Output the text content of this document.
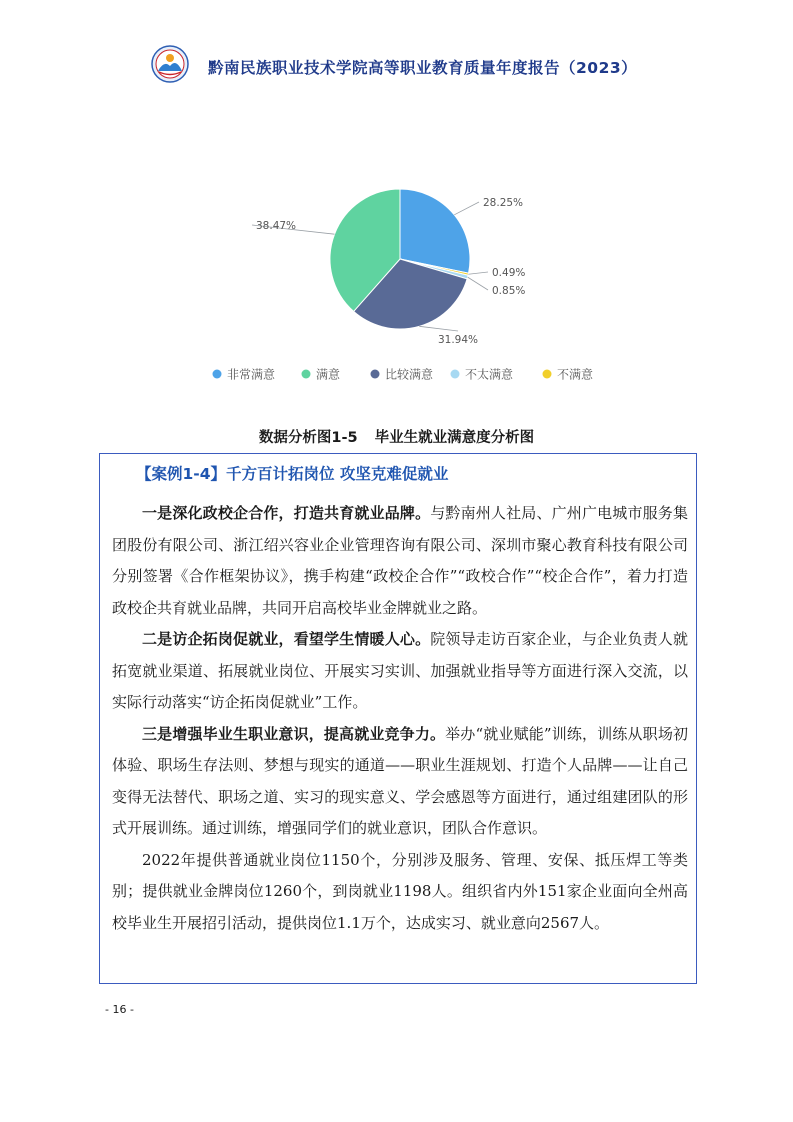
黔南民族职业技术学院高等职业教育质量年度报告（2023）
28.25%
0.49%
0.85%
31.94%
38.47%
非常满意	满意	比较满意	不太满意	不满意
数据分析图1-5 毕业生就业满意度分析图
【案例1-4】千方百计拓岗位 攻坚克难促就业

一是深化政校企合作，打造共育就业品牌。与黔南州人社局、广州广电城市服务集团股份有限公司、浙江绍兴容业企业管理咨询有限公司、深圳市聚心教育科技有限公司分别签署《合作框架协议》，携手构建“政校企合作”“政校合作”“校企合作”，着力打造政校企共育就业品牌，共同开启高校毕业金牌就业之路。

二是访企拓岗促就业，看望学生情暖人心。院领导走访百家企业，与企业负责人就拓宽就业渠道、拓展就业岗位、开展实习实训、加强就业指导等方面进行深入交流，以实际行动落实“访企拓岗促就业”工作。

三是增强毕业生职业意识，提高就业竞争力。举办“就业赋能”训练，训练从职场初体验、职场生存法则、梦想与现实的通道——职业生涯规划、打造个人品牌——让自己变得无法替代、职场之道、实习的现实意义、学会感恩等方面进行，通过组建团队的形式开展训练。通过训练，增强同学们的就业意识，团队合作意识。

2022年提供普通就业岗位1150个，分别涉及服务、管理、安保、抵压焊工等类别；提供就业金牌岗位1260个，到岗就业1198人。组织省内外151家企业面向全州高校毕业生开展招引活动，提供岗位1.1万个，达成实习、就业意向2567人。

- 16 -
